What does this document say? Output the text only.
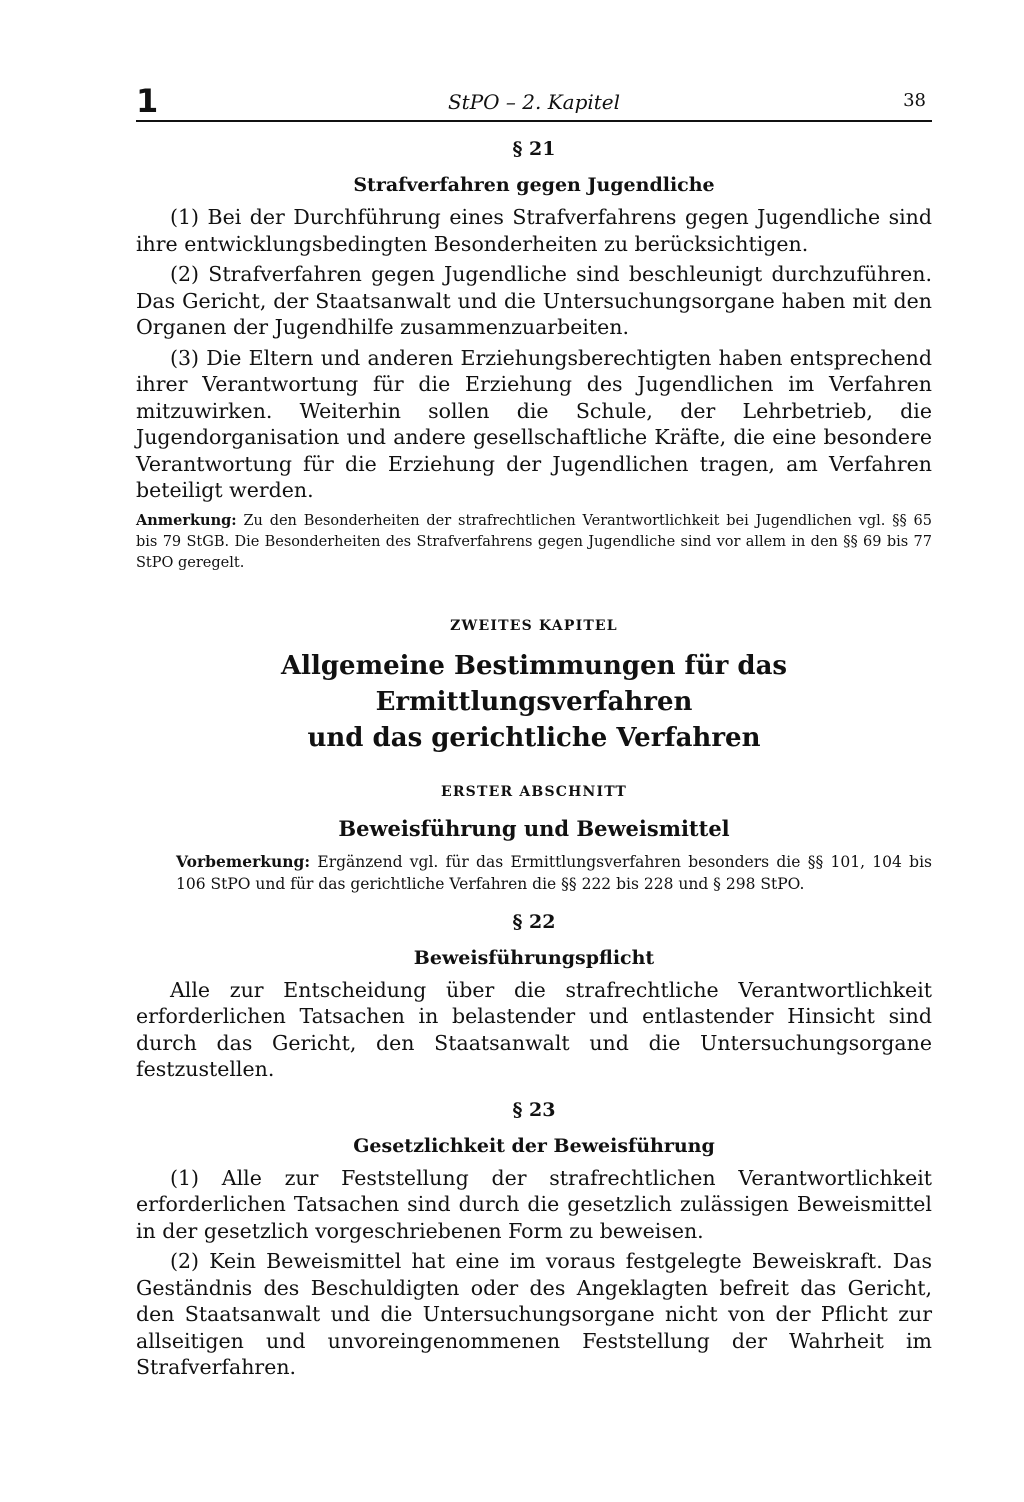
1	StPO – 2. Kapitel	38
§ 21
Strafverfahren gegen Jugendliche

(1) Bei der Durchführung eines Strafverfahrens gegen Jugendliche sind ihre entwicklungsbedingten Besonderheiten zu berücksichtigen.

(2) Strafverfahren gegen Jugendliche sind beschleunigt durchzuführen. Das Gericht, der Staatsanwalt und die Untersuchungsorgane haben mit den Organen der Jugendhilfe zusammenzuarbeiten.

(3) Die Eltern und anderen Erziehungsberechtigten haben entsprechend ihrer Verantwortung für die Erziehung des Jugendlichen im Verfahren mitzuwirken. Weiterhin sollen die Schule, der Lehrbetrieb, die Jugendorganisation und andere gesellschaftliche Kräfte, die eine besondere Verantwortung für die Erziehung der Jugendlichen tragen, am Verfahren beteiligt werden.

Anmerkung: Zu den Besonderheiten der strafrechtlichen Verantwortlichkeit bei Jugendlichen vgl. §§ 65 bis 79 StGB. Die Besonderheiten des Strafverfahrens gegen Jugendliche sind vor allem in den §§ 69 bis 77 StPO geregelt.
ZWEITES KAPITEL
Allgemeine Bestimmungen für das Ermittlungsverfahren
und das gerichtliche Verfahren
ERSTER ABSCHNITT
Beweisführung und Beweismittel
Vorbemerkung: Ergänzend vgl. für das Ermittlungsverfahren besonders die §§ 101, 104 bis 106 StPO und für das gerichtliche Verfahren die §§ 222 bis 228 und § 298 StPO.
§ 22
Beweisführungspflicht

Alle zur Entscheidung über die strafrechtliche Verantwortlichkeit erforderlichen Tatsachen in belastender und entlastender Hinsicht sind durch das Gericht, den Staatsanwalt und die Untersuchungsorgane festzustellen.

§ 23
Gesetzlichkeit der Beweisführung

(1) Alle zur Feststellung der strafrechtlichen Verantwortlichkeit erforderlichen Tatsachen sind durch die gesetzlich zulässigen Beweismittel in der gesetzlich vorgeschriebenen Form zu beweisen.

(2) Kein Beweismittel hat eine im voraus festgelegte Beweiskraft. Das Geständnis des Beschuldigten oder des Angeklagten befreit das Gericht, den Staatsanwalt und die Untersuchungsorgane nicht von der Pflicht zur allseitigen und unvoreingenommenen Feststellung der Wahrheit im Strafverfahren.
